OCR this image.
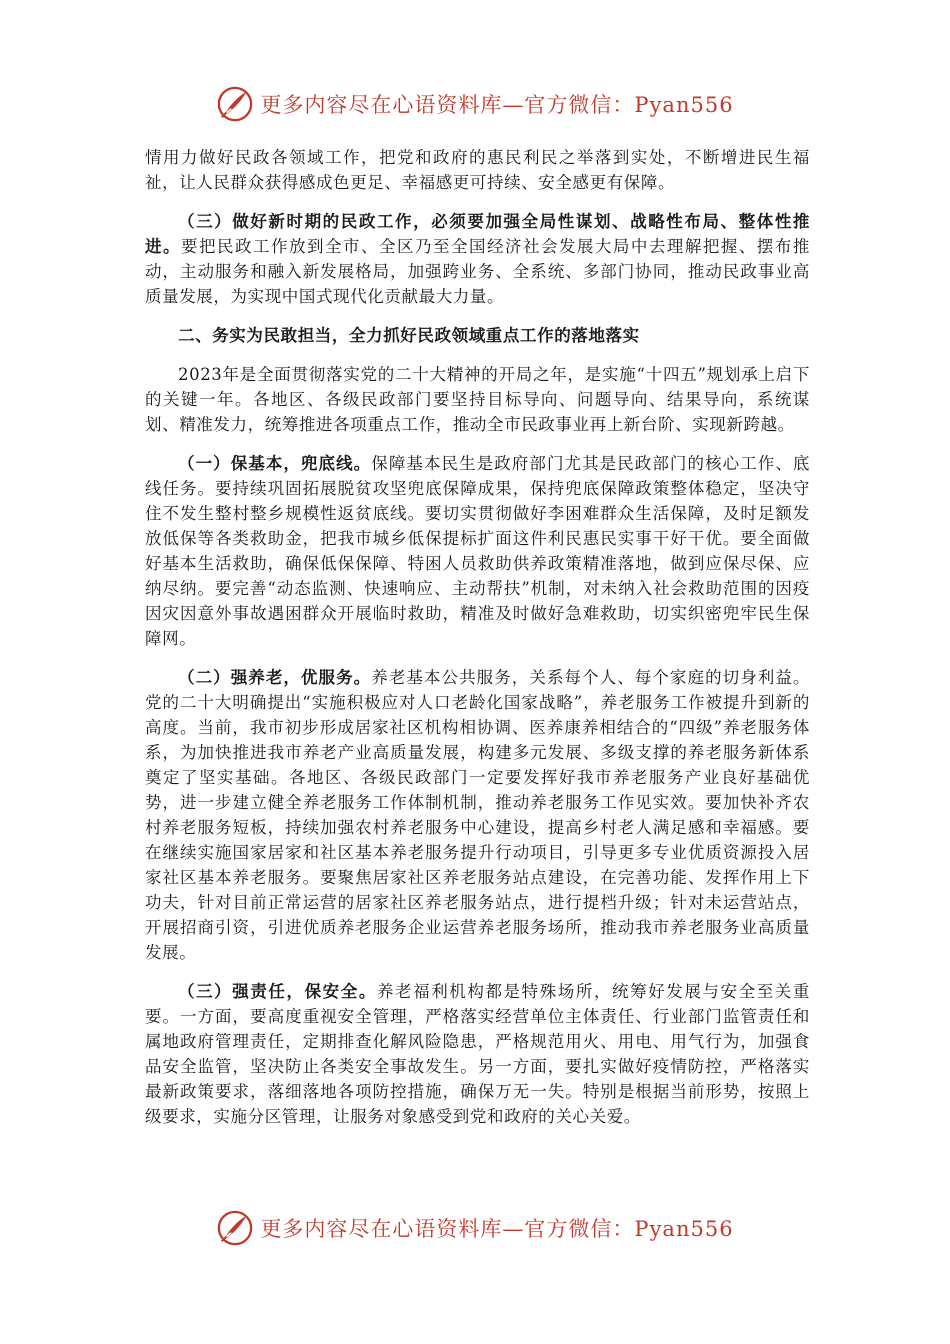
更多内容尽在心语资料库—官方微信：Pyan556

情用力做好民政各领域工作，把党和政府的惠民利民之举落到实处，不断增进民生福祉，让人民群众获得感成色更足、幸福感更可持续、安全感更有保障。

（三）做好新时期的民政工作，必须要加强全局性谋划、战略性布局、整体性推进。要把民政工作放到全市、全区乃至全国经济社会发展大局中去理解把握、摆布推动，主动服务和融入新发展格局，加强跨业务、全系统、多部门协同，推动民政事业高质量发展，为实现中国式现代化贡献最大力量。

二、务实为民敢担当，全力抓好民政领域重点工作的落地落实

2023年是全面贯彻落实党的二十大精神的开局之年，是实施“十四五”规划承上启下的关键一年。各地区、各级民政部门要坚持目标导向、问题导向、结果导向，系统谋划、精准发力，统筹推进各项重点工作，推动全市民政事业再上新台阶、实现新跨越。

（一）保基本，兜底线。保障基本民生是政府部门尤其是民政部门的核心工作、底线任务。要持续巩固拓展脱贫攻坚兜底保障成果，保持兜底保障政策整体稳定，坚决守住不发生整村整乡规模性返贫底线。要切实贯彻做好李困难群众生活保障，及时足额发放低保等各类救助金，把我市城乡低保提标扩面这件利民惠民实事干好干优。要全面做好基本生活救助，确保低保保障、特困人员救助供养政策精准落地，做到应保尽保、应纳尽纳。要完善“动态监测、快速响应、主动帮扶”机制，对未纳入社会救助范围的因疫因灾因意外事故遇困群众开展临时救助，精准及时做好急难救助，切实织密兜牢民生保障网。

（二）强养老，优服务。养老基本公共服务，关系每个人、每个家庭的切身利益。党的二十大明确提出“实施积极应对人口老龄化国家战略”，养老服务工作被提升到新的高度。当前，我市初步形成居家社区机构相协调、医养康养相结合的“四级”养老服务体系，为加快推进我市养老产业高质量发展，构建多元发展、多级支撑的养老服务新体系奠定了坚实基础。各地区、各级民政部门一定要发挥好我市养老服务产业良好基础优势，进一步建立健全养老服务工作体制机制，推动养老服务工作见实效。要加快补齐农村养老服务短板，持续加强农村养老服务中心建设，提高乡村老人满足感和幸福感。要在继续实施国家居家和社区基本养老服务提升行动项目，引导更多专业优质资源投入居家社区基本养老服务。要聚焦居家社区养老服务站点建设，在完善功能、发挥作用上下功夫，针对目前正常运营的居家社区养老服务站点，进行提档升级；针对未运营站点，开展招商引资，引进优质养老服务企业运营养老服务场所，推动我市养老服务业高质量发展。

（三）强责任，保安全。养老福利机构都是特殊场所，统筹好发展与安全至关重要。一方面，要高度重视安全管理，严格落实经营单位主体责任、行业部门监管责任和属地政府管理责任，定期排查化解风险隐患，严格规范用火、用电、用气行为，加强食品安全监管，坚决防止各类安全事故发生。另一方面，要扎实做好疫情防控，严格落实最新政策要求，落细落地各项防控措施，确保万无一失。特别是根据当前形势，按照上级要求，实施分区管理，让服务对象感受到党和政府的关心关爱。

更多内容尽在心语资料库—官方微信：Pyan556
